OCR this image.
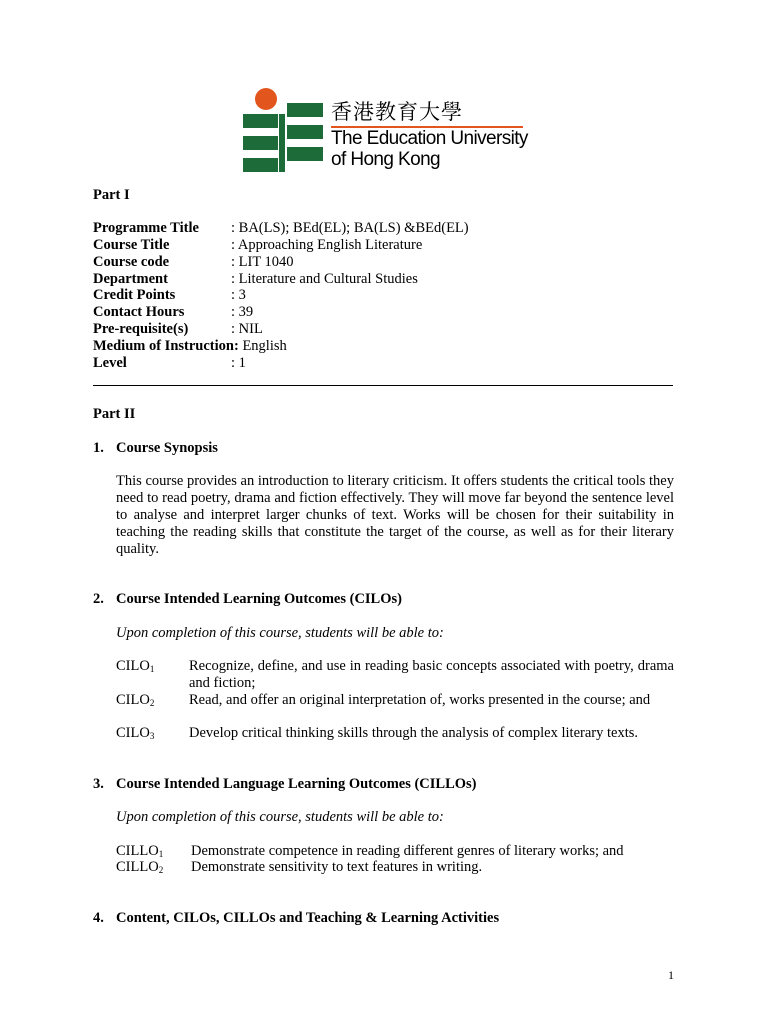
香港教育大學
The Education University
of Hong Kong
Part I
Programme Title	: BA(LS); BEd(EL); BA(LS) &BEd(EL)
Course Title	: Approaching English Literature
Course code	: LIT 1040
Department	: Literature and Cultural Studies
Credit Points	: 3
Contact Hours	: 39
Pre-requisite(s)	: NIL
Medium of Instruction: English
Level	: 1
Part II
1. Course Synopsis
This course provides an introduction to literary criticism. It offers students the critical tools they need to read poetry, drama and fiction effectively. They will move far beyond the sentence level to analyse and interpret larger chunks of text. Works will be chosen for their suitability in teaching the reading skills that constitute the target of the course, as well as for their literary quality.
2. Course Intended Learning Outcomes (CILOs)
Upon completion of this course, students will be able to:
$CILO_1$ Recognize, define, and use in reading basic concepts associated with poetry, drama and fiction;
$CILO_2$ Read, and offer an original interpretation of, works presented in the course; and
$CILO_3$ Develop critical thinking skills through the analysis of complex literary texts.
3. Course Intended Language Learning Outcomes (CILLOs)
Upon completion of this course, students will be able to:
$CILLO_1$ Demonstrate competence in reading different genres of literary works; and
$CILLO_2$ Demonstrate sensitivity to text features in writing.
4. Content, CILOs, CILLOs and Teaching & Learning Activities
1
